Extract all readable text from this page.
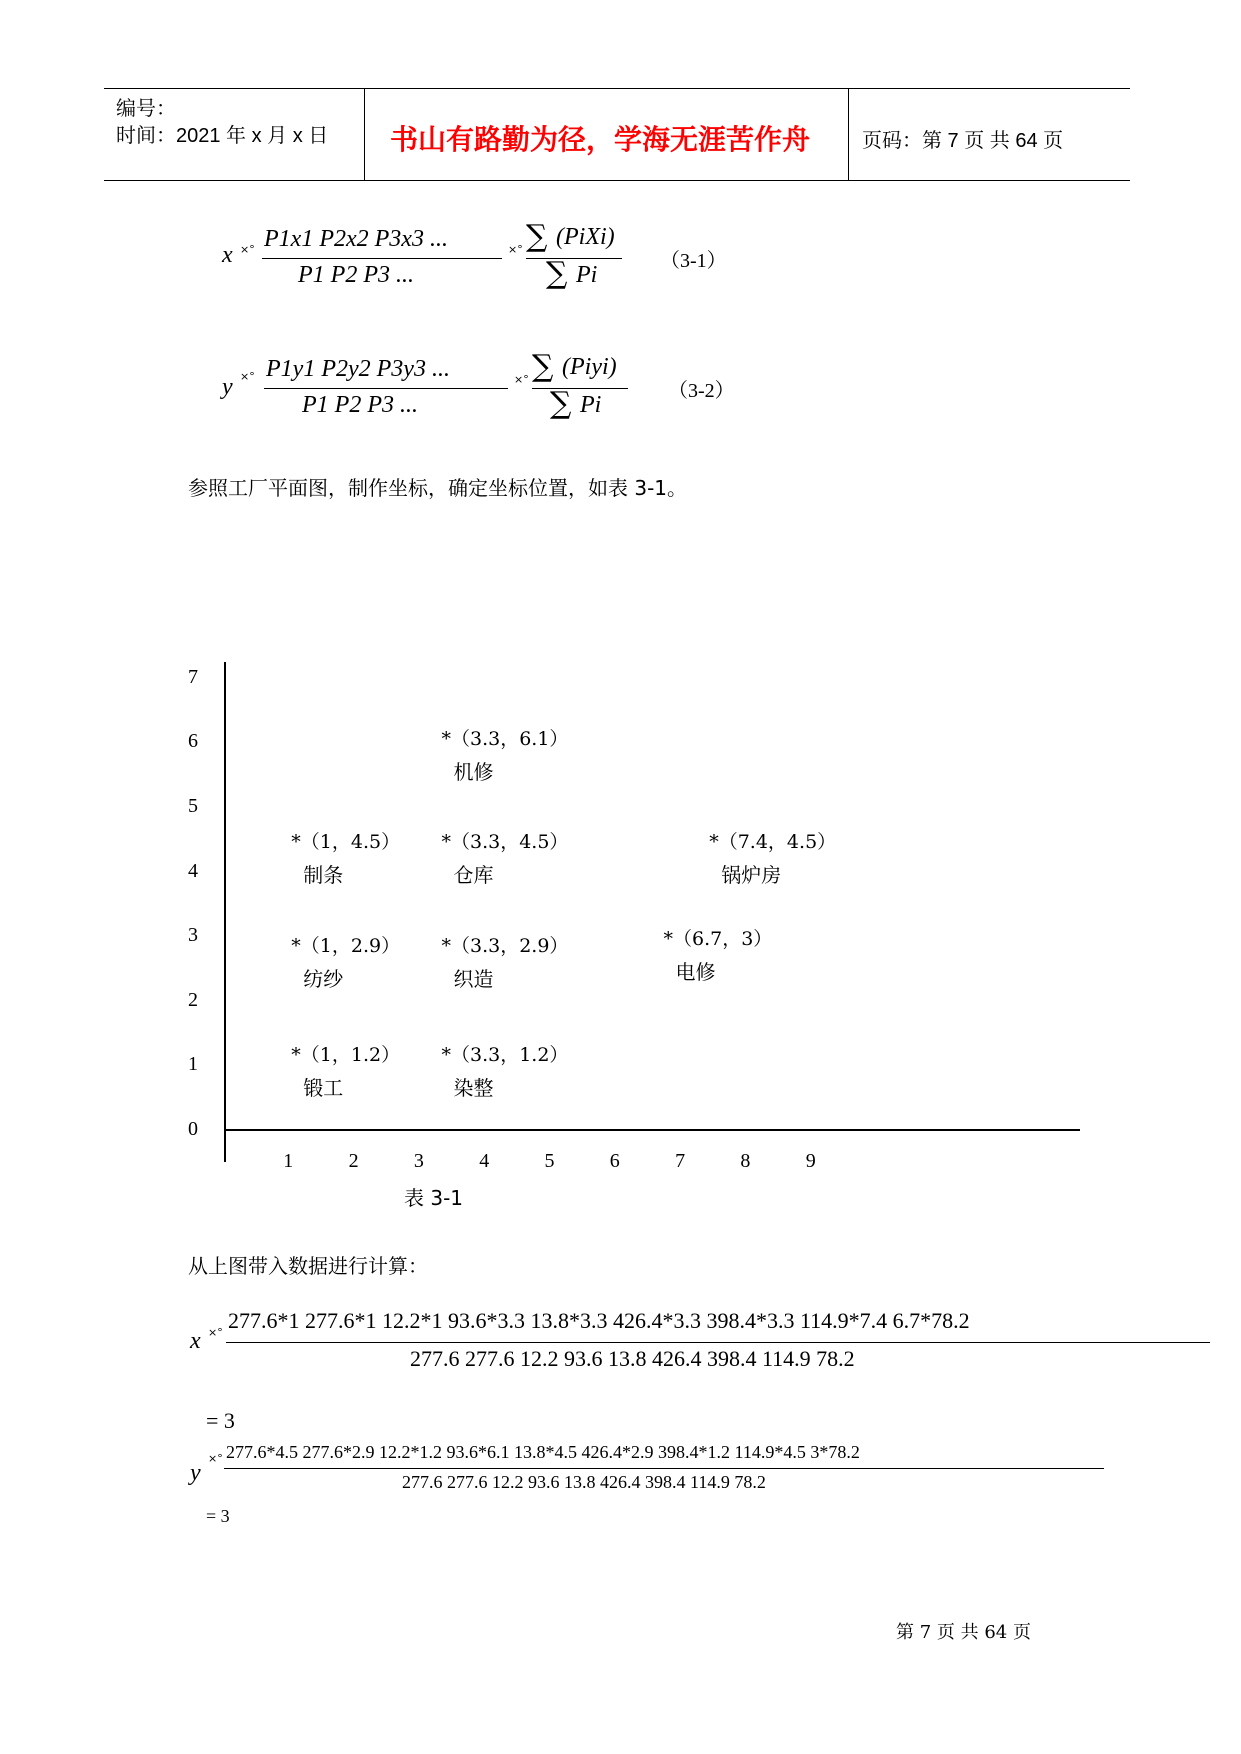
编号：
时间：2021 年 x 月 x 日 书山有路勤为径，学海无涯苦作舟	页码：第 7 页 共 64 页
x ×° P1x1 P2x2 P3x3 ...
P1 P2 P3 ...
×° ∑ (PiXi)
∑ Pi
（3-1）
y ×° P1y1 P2y2 P3y3 ...
P1 P2 P3 ...
×° ∑ (Piyi)
∑ Pi
（3-2）
参照工厂平面图，制作坐标，确定坐标位置，如表 3-1。
0
1
2
3
4
5
6
7
1	2	3	4	5	6	7	8	9
*（3.3，6.1）
机修
*（1，4.5）
制条
*（3.3，4.5）
仓库
*（7.4，4.5）
锅炉房
*（1，2.9）
纺纱
*（3.3，2.9）
织造
*（6.7，3）
电修
*（1，1.2）
锻工
*（3.3，1.2）
染整
表 3-1
从上图带入数据进行计算：
x ×° 277.6*1 277.6*1 12.2*1 93.6*3.3 13.8*3.3 426.4*3.3 398.4*3.3 114.9*7.4 6.7*78.2
277.6 277.6 12.2 93.6 13.8 426.4 398.4 114.9 78.2
= 3
y
×° 277.6*4.5 277.6*2.9 12.2*1.2 93.6*6.1 13.8*4.5 426.4*2.9 398.4*1.2 114.9*4.5 3*78.2
277.6 277.6 12.2 93.6 13.8 426.4 398.4 114.9 78.2
= 3
第 7 页 共 64 页
